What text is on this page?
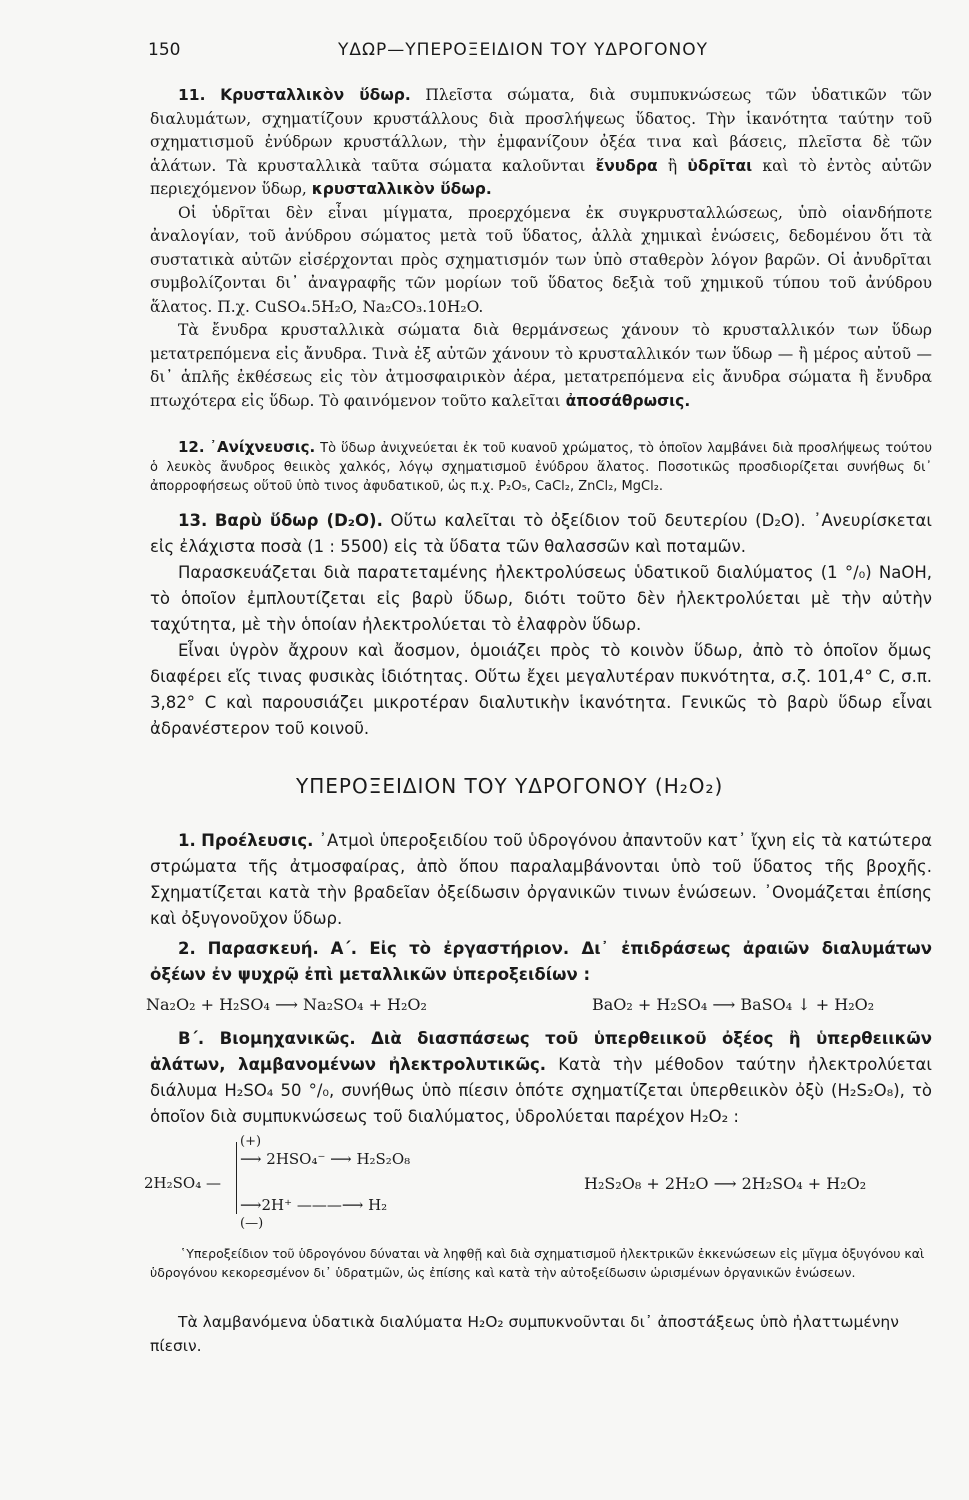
150	ΥΔΩΡ—ΥΠΕΡΟΞΕΙΔΙΟΝ ΤΟΥ ΥΔΡΟΓΟΝΟΥ

11. Κρυσταλλικὸν ὕδωρ. Πλεῖστα σώματα, διὰ συμπυκνώσεως τῶν ὑδατικῶν τῶν διαλυμάτων, σχηματίζουν κρυστάλλους διὰ προσλήψεως ὕδατος. Τὴν ἱκανότητα ταύτην τοῦ σχηματισμοῦ ἐνύδρων κρυστάλλων, τὴν ἐμφανίζουν ὀξέα τινα καὶ βάσεις, πλεῖστα δὲ τῶν ἁλάτων. Τὰ κρυσταλλικὰ ταῦτα σώματα καλοῦνται ἔνυδρα ἢ ὑδρῖται καὶ τὸ ἐντὸς αὐτῶν περιεχόμενον ὕδωρ, κρυσταλλικὸν ὕδωρ.

Οἱ ὑδρῖται δὲν εἶναι μίγματα, προερχόμενα ἐκ συγκρυσταλλώσεως, ὑπὸ οἱανδήποτε ἀναλογίαν, τοῦ ἀνύδρου σώματος μετὰ τοῦ ὕδατος, ἀλλὰ χημικαὶ ἑνώσεις, δεδομένου ὅτι τὰ συστατικὰ αὐτῶν εἰσέρχονται πρὸς σχηματισμόν των ὑπὸ σταθερὸν λόγον βαρῶν. Οἱ ἀνυδρῖται συμβολίζονται δι᾽ ἀναγραφῆς τῶν μορίων τοῦ ὕδατος δεξιὰ τοῦ χημικοῦ τύπου τοῦ ἀνύδρου ἅλατος. Π.χ. CuSO₄.5H₂O, Na₂CO₃.10H₂O.

Τὰ ἔνυδρα κρυσταλλικὰ σώματα διὰ θερμάνσεως χάνουν τὸ κρυσταλλικόν των ὕδωρ μετατρεπόμενα εἰς ἄνυδρα. Τινὰ ἐξ αὐτῶν χάνουν τὸ κρυσταλλικόν των ὕδωρ — ἢ μέρος αὐτοῦ — δι᾽ ἁπλῆς ἐκθέσεως εἰς τὸν ἀτμοσφαιρικὸν ἀέρα, μετατρεπόμενα εἰς ἄνυδρα σώματα ἢ ἔνυδρα πτωχότερα εἰς ὕδωρ. Τὸ φαινόμενον τοῦτο καλεῖται ἀποσάθρωσις.

12. ᾿Ανίχνευσις. Τὸ ὕδωρ ἀνιχνεύεται ἐκ τοῦ κυανοῦ χρώματος, τὸ ὁποῖον λαμβάνει διὰ προσλήψεως τούτου ὁ λευκὸς ἄνυδρος θειικὸς χαλκός, λόγῳ σχηματισμοῦ ἐνύδρου ἅλατος. Ποσοτικῶς προσδιορίζεται συνήθως δι᾽ ἀπορροφήσεως οὕτοῦ ὑπὸ τινος ἀφυδατικοῦ, ὡς π.χ. P₂O₅, CaCl₂, ZnCl₂, MgCl₂.

13. Βαρὺ ὕδωρ (D₂O). Οὕτω καλεῖται τὸ ὀξείδιον τοῦ δευτερίου (D₂O). ᾿Ανευρίσκεται εἰς ἐλάχιστα ποσὰ (1 : 5500) εἰς τὰ ὕδατα τῶν θαλασσῶν καὶ ποταμῶν.

Παρασκευάζεται διὰ παρατεταμένης ἠλεκτρολύσεως ὑδατικοῦ διαλύματος (1 °/₀) NaOH, τὸ ὁποῖον ἐμπλουτίζεται εἰς βαρὺ ὕδωρ, διότι τοῦτο δὲν ἠλεκτρολύεται μὲ τὴν αὐτὴν ταχύτητα, μὲ τὴν ὁποίαν ἠλεκτρολύεται τὸ ἐλαφρὸν ὕδωρ.

Εἶναι ὑγρὸν ἄχρουν καὶ ἄοσμον, ὁμοιάζει πρὸς τὸ κοινὸν ὕδωρ, ἀπὸ τὸ ὁποῖον ὅμως διαφέρει εἴς τινας φυσικὰς ἰδιότητας. Οὕτω ἔχει μεγαλυτέραν πυκνότητα, σ.ζ. 101,4° C, σ.π. 3,82° C καὶ παρουσιάζει μικροτέραν διαλυτικὴν ἱκανότητα. Γενικῶς τὸ βαρὺ ὕδωρ εἶναι ἀδρανέστερον τοῦ κοινοῦ.

ΥΠΕΡΟΞΕΙΔΙΟΝ ΤΟΥ ΥΔΡΟΓΟΝΟΥ (H₂O₂)

1. Προέλευσις. ᾿Ατμοὶ ὑπεροξειδίου τοῦ ὑδρογόνου ἀπαντοῦν κατ᾽ ἴχνη εἰς τὰ κατώτερα στρώματα τῆς ἀτμοσφαίρας, ἀπὸ ὅπου παραλαμβάνονται ὑπὸ τοῦ ὕδατος τῆς βροχῆς. Σχηματίζεται κατὰ τὴν βραδεῖαν ὀξείδωσιν ὀργανικῶν τινων ἑνώσεων. ᾿Ονομάζεται ἐπίσης καὶ ὀξυγονοῦχον ὕδωρ.

2. Παρασκευή. Α΄. Εἰς τὸ ἐργαστήριον. Δι᾽ ἐπιδράσεως ἀραιῶν διαλυμάτων ὀξέων ἐν ψυχρῷ ἐπὶ μεταλλικῶν ὑπεροξειδίων :

Na₂O₂ + H₂SO₄ ⟶ Na₂SO₄ + H₂O₂	BaO₂ + H₂SO₄ ⟶ BaSO₄ ↓ + H₂O₂

Β΄. Βιομηχανικῶς. Διὰ διασπάσεως τοῦ ὑπερθειικοῦ ὀξέος ἢ ὑπερθειικῶν ἁλάτων, λαμβανομένων ἠλεκτρολυτικῶς. Κατὰ τὴν μέθοδον ταύτην ἠλεκτρολύεται διάλυμα H₂SO₄ 50 °/₀, συνήθως ὑπὸ πίεσιν ὁπότε σχηματίζεται ὑπερθειικὸν ὀξὺ (H₂S₂O₈), τὸ ὁποῖον διὰ συμπυκνώσεως τοῦ διαλύματος, ὑδρολύεται παρέχον H₂O₂ :

(+)
⟶ 2HSO₄⁻ ⟶ H₂S₂O₈
2H₂SO₄ —
⟶2H⁺ ———⟶ H₂
(—)
H₂S₂O₈ + 2H₂O ⟶ 2H₂SO₄ + H₂O₂

῾Υπεροξείδιον τοῦ ὑδρογόνου δύναται νὰ ληφθῇ καὶ διὰ σχηματισμοῦ ἠλεκτρικῶν ἐκκενώσεων εἰς μῖγμα ὀξυγόνου καὶ ὑδρογόνου κεκορεσμένον δι᾽ ὑδρατμῶν, ὡς ἐπίσης καὶ κατὰ τὴν αὐτοξείδωσιν ὡρισμένων ὀργανικῶν ἑνώσεων.

Τὰ λαμβανόμενα ὑδατικὰ διαλύματα H₂O₂ συμπυκνοῦνται δι᾽ ἀποστάξεως ὑπὸ ἠλαττωμένην πίεσιν.
